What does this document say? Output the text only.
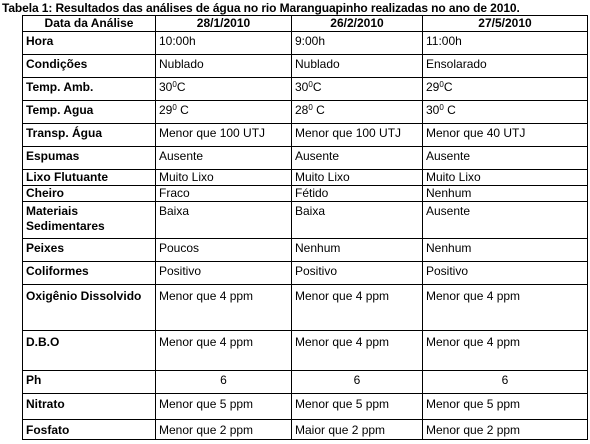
Tabela 1: Resultados das análises de água no rio Maranguapinho realizadas no ano de 2010.
Data da Análise	28/1/2010	26/2/2010	27/5/2010
Hora	10:00h	9:00h	11:00h
Condições	Nublado	Nublado	Ensolarado
Temp. Amb.	$30^0C$	$30^0C$	$29^0C$
Temp. Agua	$29^0$ C	$28^0$ C	$30^0$ C
Transp. Água	Menor que 100 UTJ	Menor que 100 UTJ	Menor que 40 UTJ
Espumas	Ausente	Ausente	Ausente
Lixo Flutuante	Muito Lixo	Muito Lixo	Muito Lixo
Cheiro	Fraco	Fétido	Nenhum
Materiais Sedimentares	Baixa	Baixa	Ausente
Peixes	Poucos	Nenhum	Nenhum
Coliformes	Positivo	Positivo	Positivo
Oxigênio Dissolvido	Menor que 4 ppm	Menor que 4 ppm	Menor que 4 ppm
D.B.O	Menor que 4 ppm	Menor que 4 ppm	Menor que 4 ppm
Ph	6	6	6
Nitrato	Menor que 5 ppm	Menor que 5 ppm	Menor que 5 ppm
Fosfato	Menor que 2 ppm	Maior que 2 ppm	Menor que 2 ppm
